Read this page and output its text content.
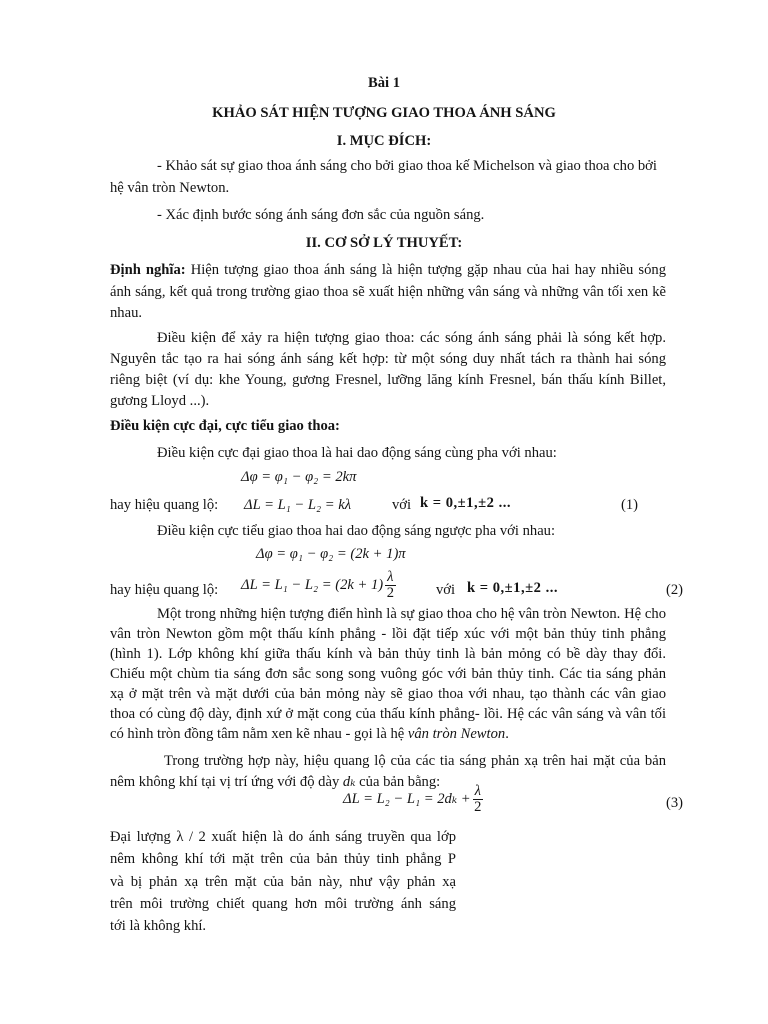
Bài 1
KHẢO SÁT HIỆN TƯỢNG GIAO THOA ÁNH SÁNG
I. MỤC ĐÍCH:
- Khảo sát sự giao thoa ánh sáng cho bởi giao thoa kế Michelson và giao thoa cho bởi
hệ vân tròn Newton.
- Xác định bước sóng ánh sáng đơn sắc của nguồn sáng.
II. CƠ SỞ LÝ THUYẾT:
Định nghĩa: Hiện tượng giao thoa ánh sáng là hiện tượng gặp nhau của hai hay nhiều sóng
ánh sáng, kết quả trong trường giao thoa sẽ xuất hiện những vân sáng và những vân tối xen kẽ
nhau.
Điều kiện để xảy ra hiện tượng giao thoa: các sóng ánh sáng phải là sóng kết hợp.
Nguyên tắc tạo ra hai sóng ánh sáng kết hợp: từ một sóng duy nhất tách ra thành hai sóng
riêng biệt (ví dụ: khe Young, gương Fresnel, lưỡng lăng kính Fresnel, bán thấu kính Billet,
gương Lloyd ...).
Điều kiện cực đại, cực tiểu giao thoa:
Điều kiện cực đại giao thoa là hai dao động sáng cùng pha với nhau:
Δφ = φ₁ − φ₂ = 2kπ
hay hiệu quang lộ: ΔL = L₁ − L₂ = kλ	với k = 0,±1,±2 ...	(1)
Điều kiện cực tiểu giao thoa hai dao động sáng ngược pha với nhau:
Δφ = φ₁ − φ₂ = (2k + 1)π
hay hiệu quang lộ: $\Delta L = L_1 - L_2 = (2k + 1) \frac{\lambda}{2}$	với k = 0,±1,±2 ...	(2)
Một trong những hiện tượng điển hình là sự giao thoa cho hệ vân tròn Newton. Hệ cho
vân tròn Newton gồm một thấu kính phẳng - lồi đặt tiếp xúc với một bản thủy tinh phẳng
(hình 1). Lớp không khí giữa thấu kính và bản thủy tinh là bản mỏng có bề dày thay đổi.
Chiếu một chùm tia sáng đơn sắc song song vuông góc với bản thủy tinh. Các tia sáng phản
xạ ở mặt trên và mặt dưới của bản mỏng này sẽ giao thoa với nhau, tạo thành các vân giao
thoa có cùng độ dày, định xứ ở mặt cong của thấu kính phẳng- lồi. Hệ các vân sáng và vân tối
có hình tròn đồng tâm nằm xen kẽ nhau - gọi là hệ vân tròn Newton.
Trong trường hợp này, hiệu quang lộ của các tia sáng phản xạ trên hai mặt của bản
nêm không khí tại vị trí ứng với độ dày dₖ của bản bằng:
$\Delta L = L_2 - L_1 = 2d_k + \frac{\lambda}{2}$	(3)
Đại lượng λ / 2 xuất hiện là do ánh sáng truyền qua lớp
nêm không khí tới mặt trên của bản thủy tinh phẳng P
và bị phản xạ trên mặt của bản này, như vậy phản xạ
trên môi trường chiết quang hơn môi trường ánh sáng
tới là không khí.
